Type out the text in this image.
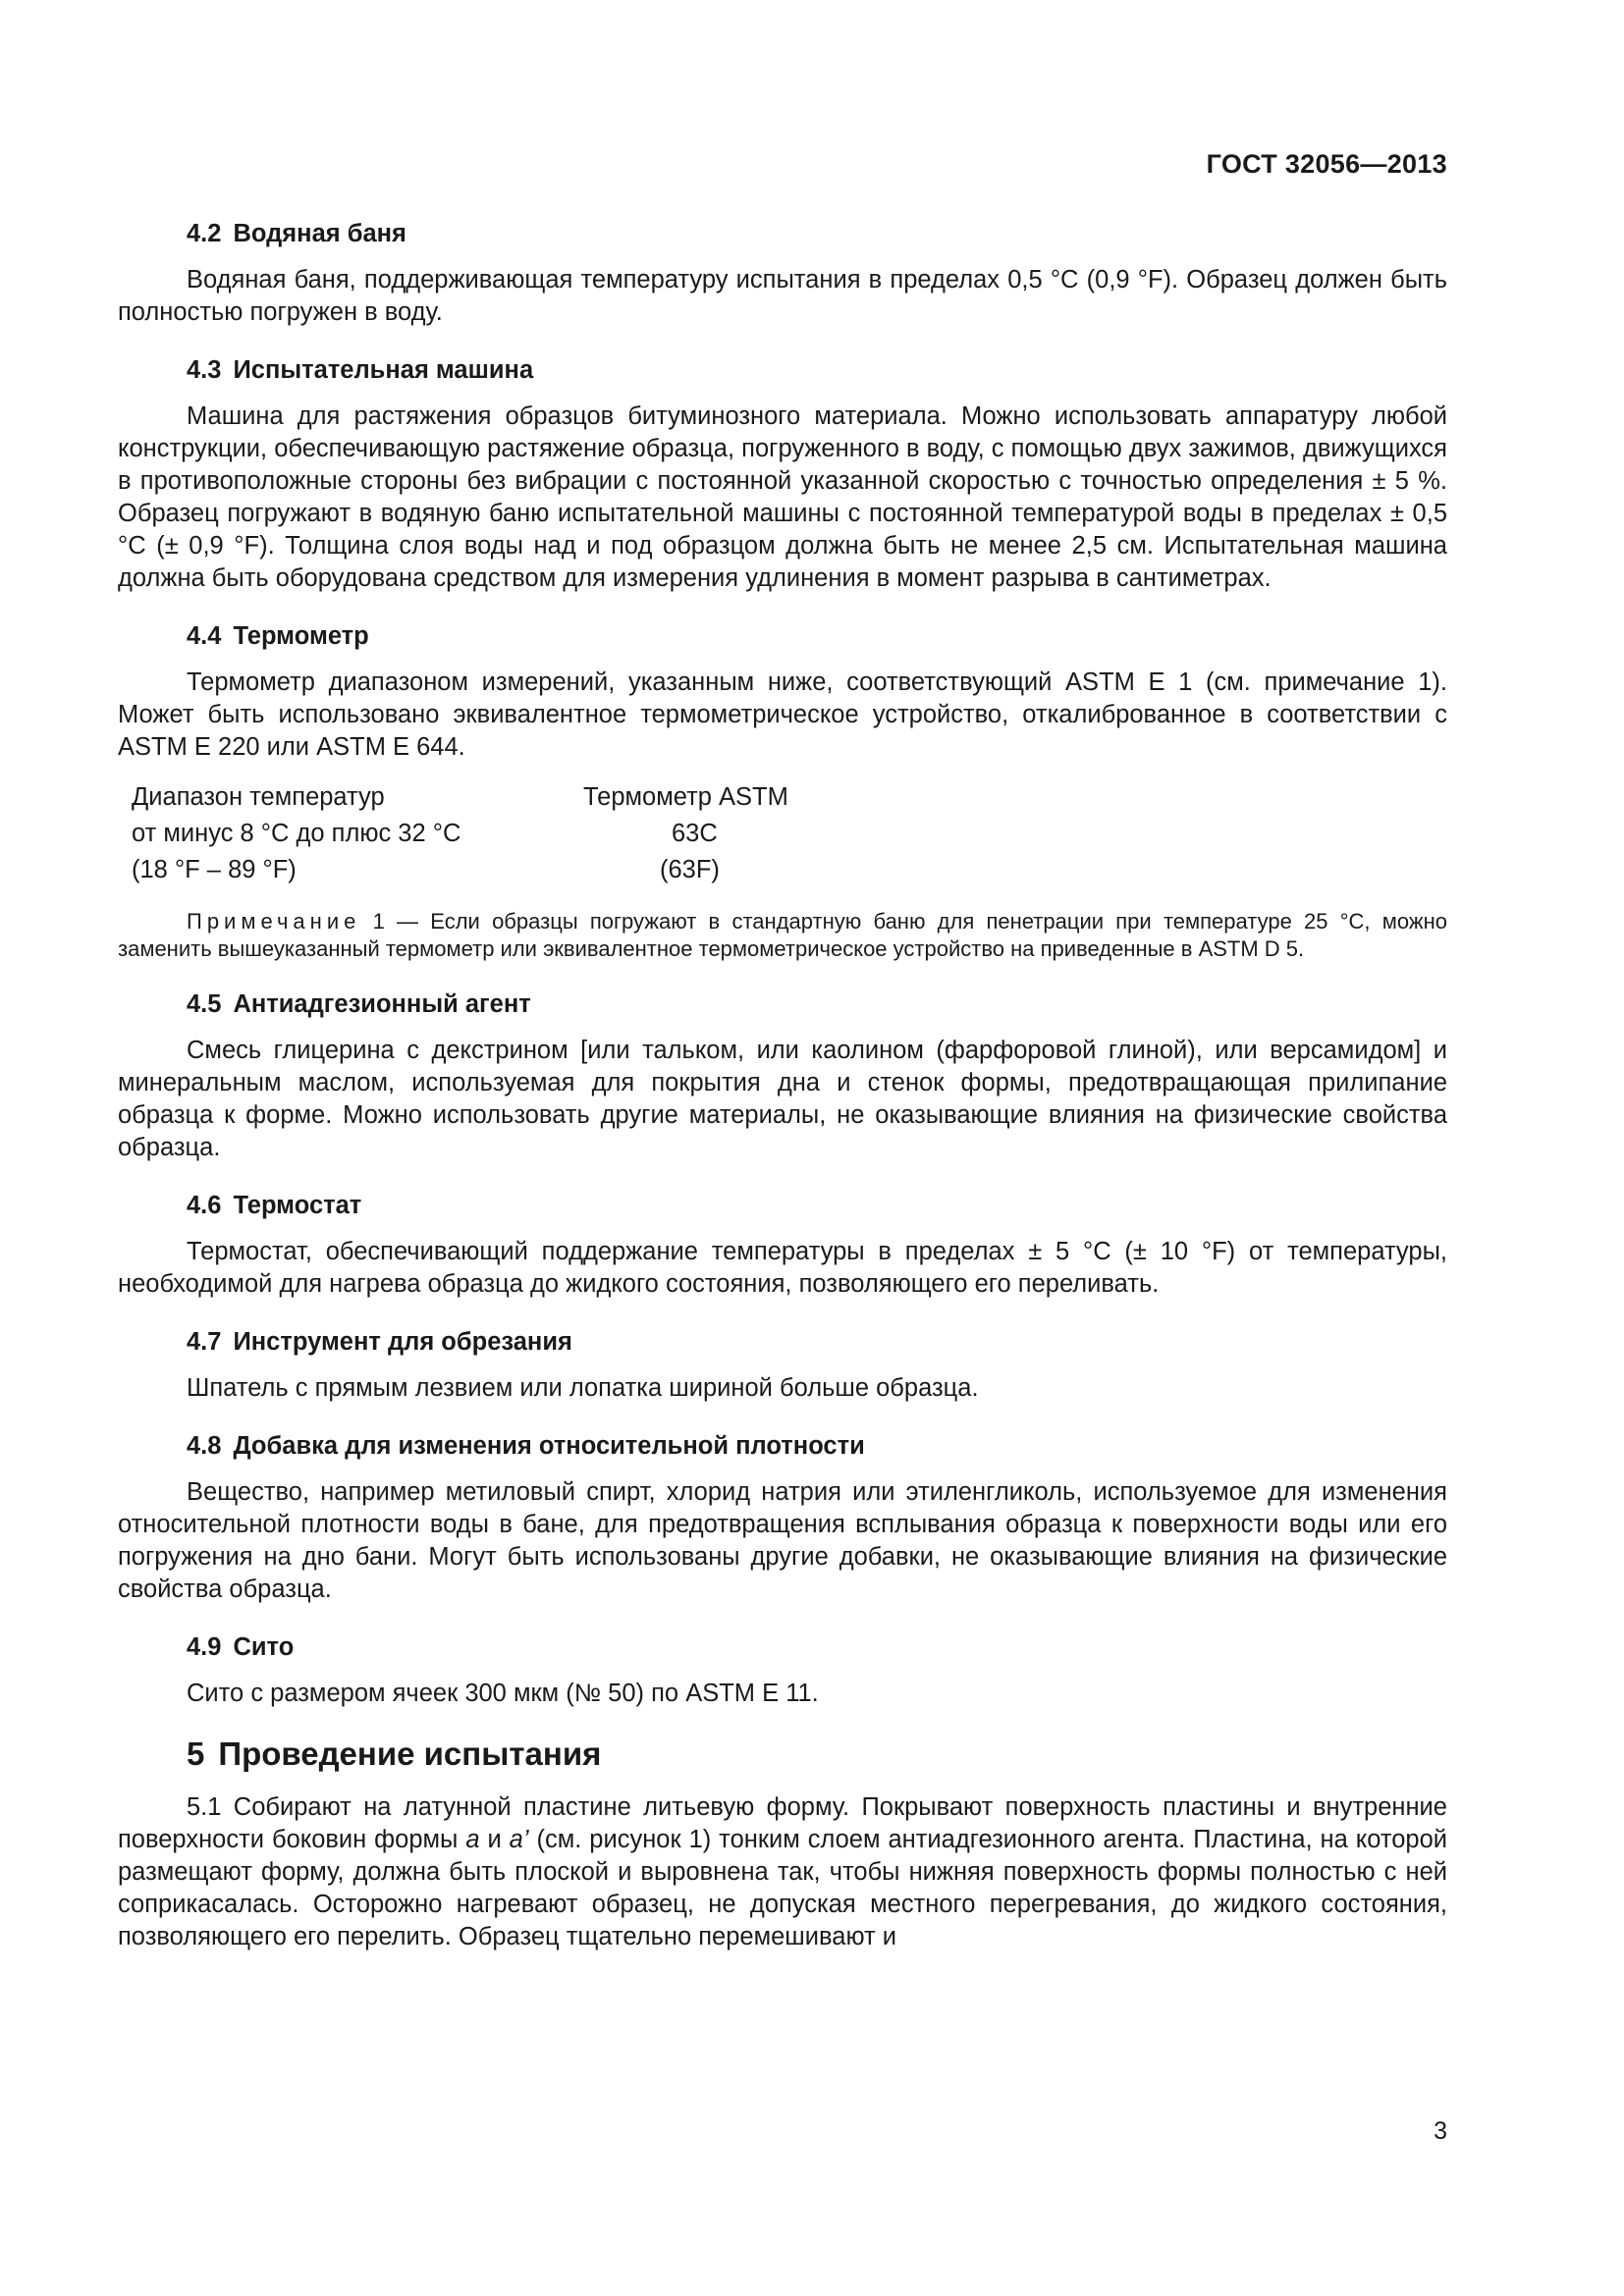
ГОСТ 32056—2013
4.2 Водяная баня

Водяная баня, поддерживающая температуру испытания в пределах 0,5 °С (0,9 °F). Образец должен быть полностью погружен в воду.

4.3 Испытательная машина

Машина для растяжения образцов битуминозного материала. Можно использовать аппаратуру любой конструкции, обеспечивающую растяжение образца, погруженного в воду, с помощью двух зажимов, движущихся в противоположные стороны без вибрации с постоянной указанной скоростью с точностью определения ± 5 %. Образец погружают в водяную баню испытательной машины с постоянной температурой воды в пределах ± 0,5 °С (± 0,9 °F). Толщина слоя воды над и под образцом должна быть не менее 2,5 см. Испытательная машина должна быть оборудована средством для измерения удлинения в момент разрыва в сантиметрах.

4.4 Термометр

Термометр диапазоном измерений, указанным ниже, соответствующий ASTM E 1 (см. примечание 1). Может быть использовано эквивалентное термометрическое устройство, откалиброванное в соответствии с ASTM E 220 или ASTM E 644.

Диапазон температур	Термометр ASTM
от минус 8 °С до плюс 32 °С	63C
(18 °F – 89 °F)	(63F)
Примечание 1 — Если образцы погружают в стандартную баню для пенетрации при температуре 25 °С, можно заменить вышеуказанный термометр или эквивалентное термометрическое устройство на приведенные в ASTM D 5.
4.5 Антиадгезионный агент

Смесь глицерина с декстрином [или тальком, или каолином (фарфоровой глиной), или версамидом] и минеральным маслом, используемая для покрытия дна и стенок формы, предотвращающая прилипание образца к форме. Можно использовать другие материалы, не оказывающие влияния на физические свойства образца.

4.6 Термостат

Термостат, обеспечивающий поддержание температуры в пределах ± 5 °С (± 10 °F) от температуры, необходимой для нагрева образца до жидкого состояния, позволяющего его переливать.

4.7 Инструмент для обрезания

Шпатель с прямым лезвием или лопатка шириной больше образца.

4.8 Добавка для изменения относительной плотности

Вещество, например метиловый спирт, хлорид натрия или этиленгликоль, используемое для изменения относительной плотности воды в бане, для предотвращения всплывания образца к поверхности воды или его погружения на дно бани. Могут быть использованы другие добавки, не оказывающие влияния на физические свойства образца.

4.9 Сито

Сито с размером ячеек 300 мкм (№ 50) по ASTM E 11.

5 Проведение испытания

5.1 Собирают на латунной пластине литьевую форму. Покрывают поверхность пластины и внутренние поверхности боковин формы a и a’ (см. рисунок 1) тонким слоем антиадгезионного агента. Пластина, на которой размещают форму, должна быть плоской и выровнена так, чтобы нижняя поверхность формы полностью с ней соприкасалась. Осторожно нагревают образец, не допуская местного перегревания, до жидкого состояния, позволяющего его перелить. Образец тщательно перемешивают и

3
